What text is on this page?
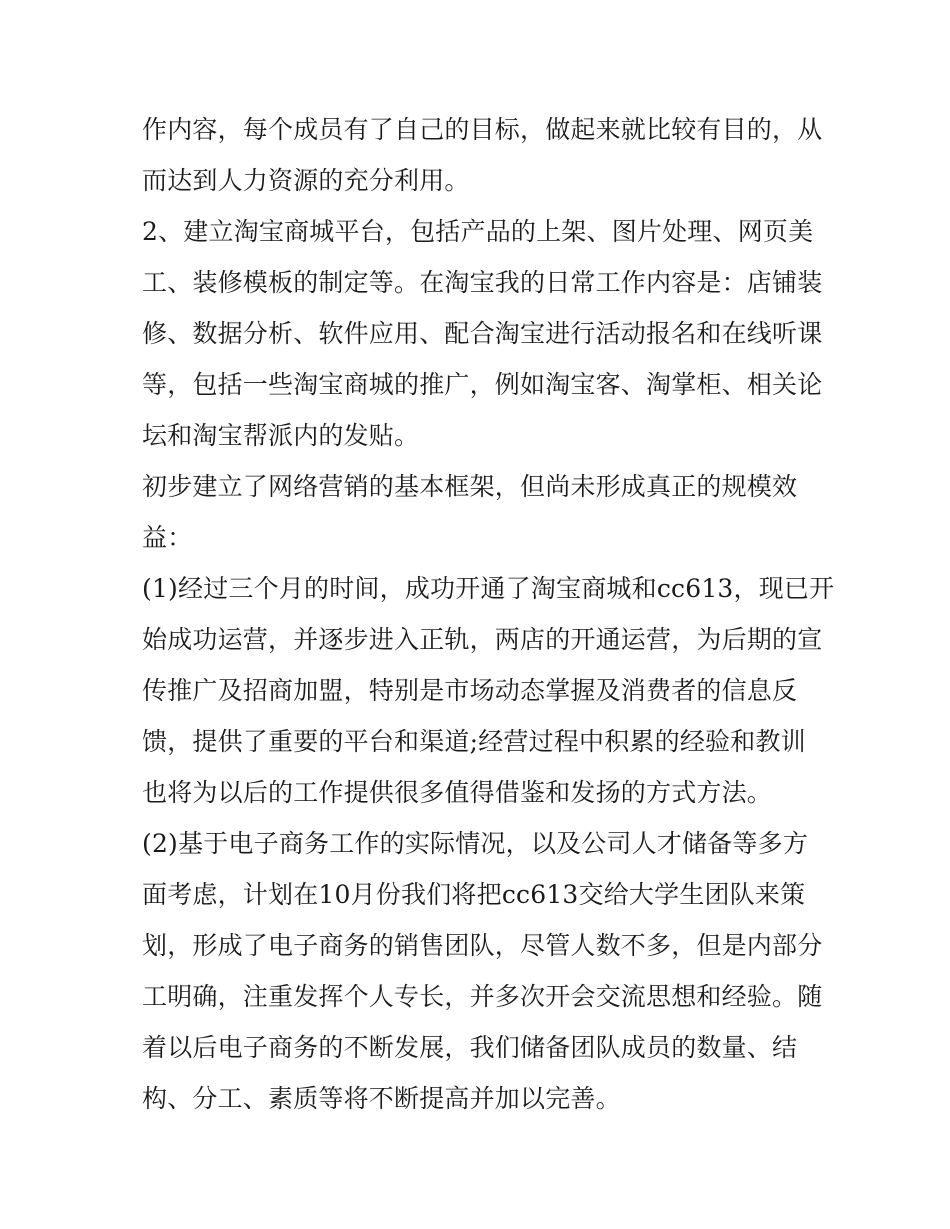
作内容，每个成员有了自己的目标，做起来就比较有目的，从
而达到人力资源的充分利用。
2、建立淘宝商城平台，包括产品的上架、图片处理、网页美
工、装修模板的制定等。在淘宝我的日常工作内容是：店铺装
修、数据分析、软件应用、配合淘宝进行活动报名和在线听课
等，包括一些淘宝商城的推广，例如淘宝客、淘掌柜、相关论
坛和淘宝帮派内的发贴。
初步建立了网络营销的基本框架，但尚未形成真正的规模效
益：
(1)经过三个月的时间，成功开通了淘宝商城和cc613，现已开
始成功运营，并逐步进入正轨，两店的开通运营，为后期的宣
传推广及招商加盟，特别是市场动态掌握及消费者的信息反
馈，提供了重要的平台和渠道;经营过程中积累的经验和教训
也将为以后的工作提供很多值得借鉴和发扬的方式方法。
(2)基于电子商务工作的实际情况，以及公司人才储备等多方
面考虑，计划在10月份我们将把cc613交给大学生团队来策
划，形成了电子商务的销售团队，尽管人数不多，但是内部分
工明确，注重发挥个人专长，并多次开会交流思想和经验。随
着以后电子商务的不断发展，我们储备团队成员的数量、结
构、分工、素质等将不断提高并加以完善。
